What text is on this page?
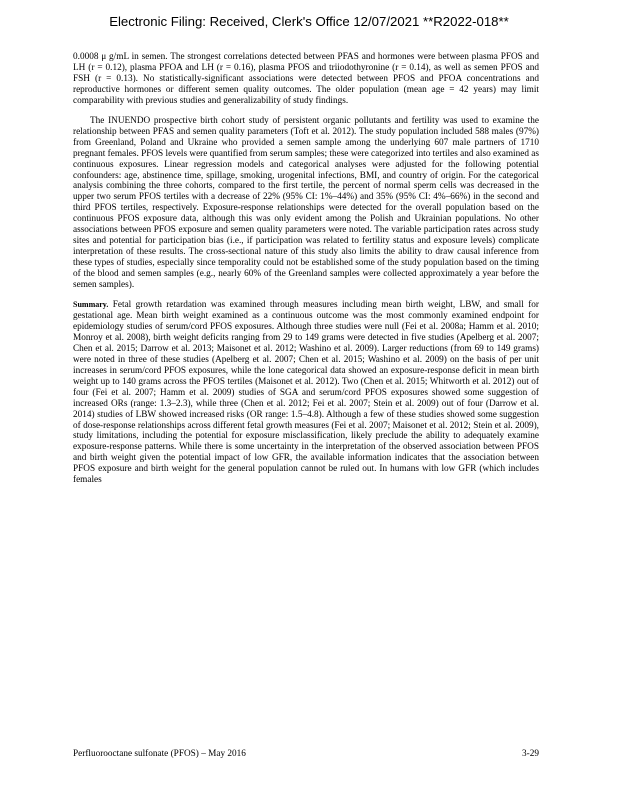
Electronic Filing: Received, Clerk's Office 12/07/2021 **R2022-018**

0.0008 μ g/mL in semen. The strongest correlations detected between PFAS and hormones were between plasma PFOS and LH (r = 0.12), plasma PFOA and LH (r = 0.16), plasma PFOS and triiodothyronine (r = 0.14), as well as semen PFOS and FSH (r = 0.13). No statistically-significant associations were detected between PFOS and PFOA concentrations and reproductive hormones or different semen quality outcomes. The older population (mean age = 42 years) may limit comparability with previous studies and generalizability of study findings.

The INUENDO prospective birth cohort study of persistent organic pollutants and fertility was used to examine the relationship between PFAS and semen quality parameters (Toft et al. 2012). The study population included 588 males (97%) from Greenland, Poland and Ukraine who provided a semen sample among the underlying 607 male partners of 1710 pregnant females. PFOS levels were quantified from serum samples; these were categorized into tertiles and also examined as continuous exposures. Linear regression models and categorical analyses were adjusted for the following potential confounders: age, abstinence time, spillage, smoking, urogenital infections, BMI, and country of origin. For the categorical analysis combining the three cohorts, compared to the first tertile, the percent of normal sperm cells was decreased in the upper two serum PFOS tertiles with a decrease of 22% (95% CI: 1%–44%) and 35% (95% CI: 4%–66%) in the second and third PFOS tertiles, respectively. Exposure-response relationships were detected for the overall population based on the continuous PFOS exposure data, although this was only evident among the Polish and Ukrainian populations. No other associations between PFOS exposure and semen quality parameters were noted. The variable participation rates across study sites and potential for participation bias (i.e., if participation was related to fertility status and exposure levels) complicate interpretation of these results. The cross-sectional nature of this study also limits the ability to draw causal inference from these types of studies, especially since temporality could not be established some of the study population based on the timing of the blood and semen samples (e.g., nearly 60% of the Greenland samples were collected approximately a year before the semen samples).

Summary. Fetal growth retardation was examined through measures including mean birth weight, LBW, and small for gestational age. Mean birth weight examined as a continuous outcome was the most commonly examined endpoint for epidemiology studies of serum/cord PFOS exposures. Although three studies were null (Fei et al. 2008a; Hamm et al. 2010; Monroy et al. 2008), birth weight deficits ranging from 29 to 149 grams were detected in five studies (Apelberg et al. 2007; Chen et al. 2015; Darrow et al. 2013; Maisonet et al. 2012; Washino et al. 2009). Larger reductions (from 69 to 149 grams) were noted in three of these studies (Apelberg et al. 2007; Chen et al. 2015; Washino et al. 2009) on the basis of per unit increases in serum/cord PFOS exposures, while the lone categorical data showed an exposure-response deficit in mean birth weight up to 140 grams across the PFOS tertiles (Maisonet et al. 2012). Two (Chen et al. 2015; Whitworth et al. 2012) out of four (Fei et al. 2007; Hamm et al. 2009) studies of SGA and serum/cord PFOS exposures showed some suggestion of increased ORs (range: 1.3–2.3), while three (Chen et al. 2012; Fei et al. 2007; Stein et al. 2009) out of four (Darrow et al. 2014) studies of LBW showed increased risks (OR range: 1.5–4.8). Although a few of these studies showed some suggestion of dose-response relationships across different fetal growth measures (Fei et al. 2007; Maisonet et al. 2012; Stein et al. 2009), study limitations, including the potential for exposure misclassification, likely preclude the ability to adequately examine exposure-response patterns. While there is some uncertainty in the interpretation of the observed association between PFOS and birth weight given the potential impact of low GFR, the available information indicates that the association between PFOS exposure and birth weight for the general population cannot be ruled out. In humans with low GFR (which includes females

Perfluorooctane sulfonate (PFOS) – May 2016	3-29
